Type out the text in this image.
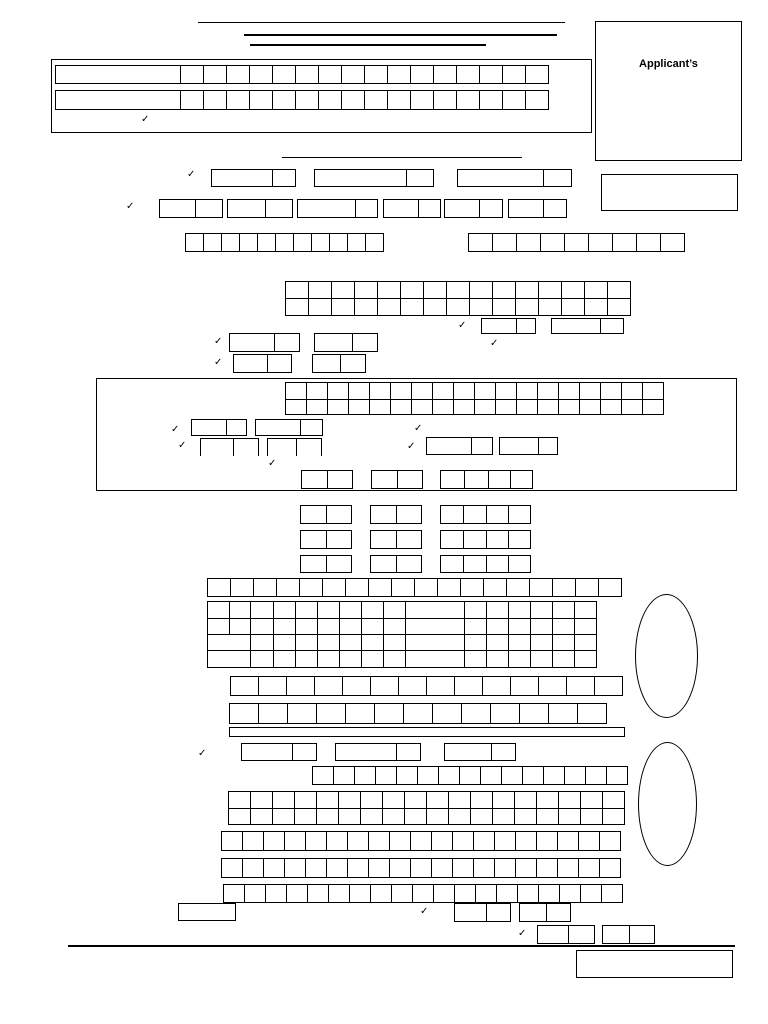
Applicant’s
✓
✓
✓
✓
✓
✓
✓
✓	✓
✓
✓
✓
✓
✓
✓
